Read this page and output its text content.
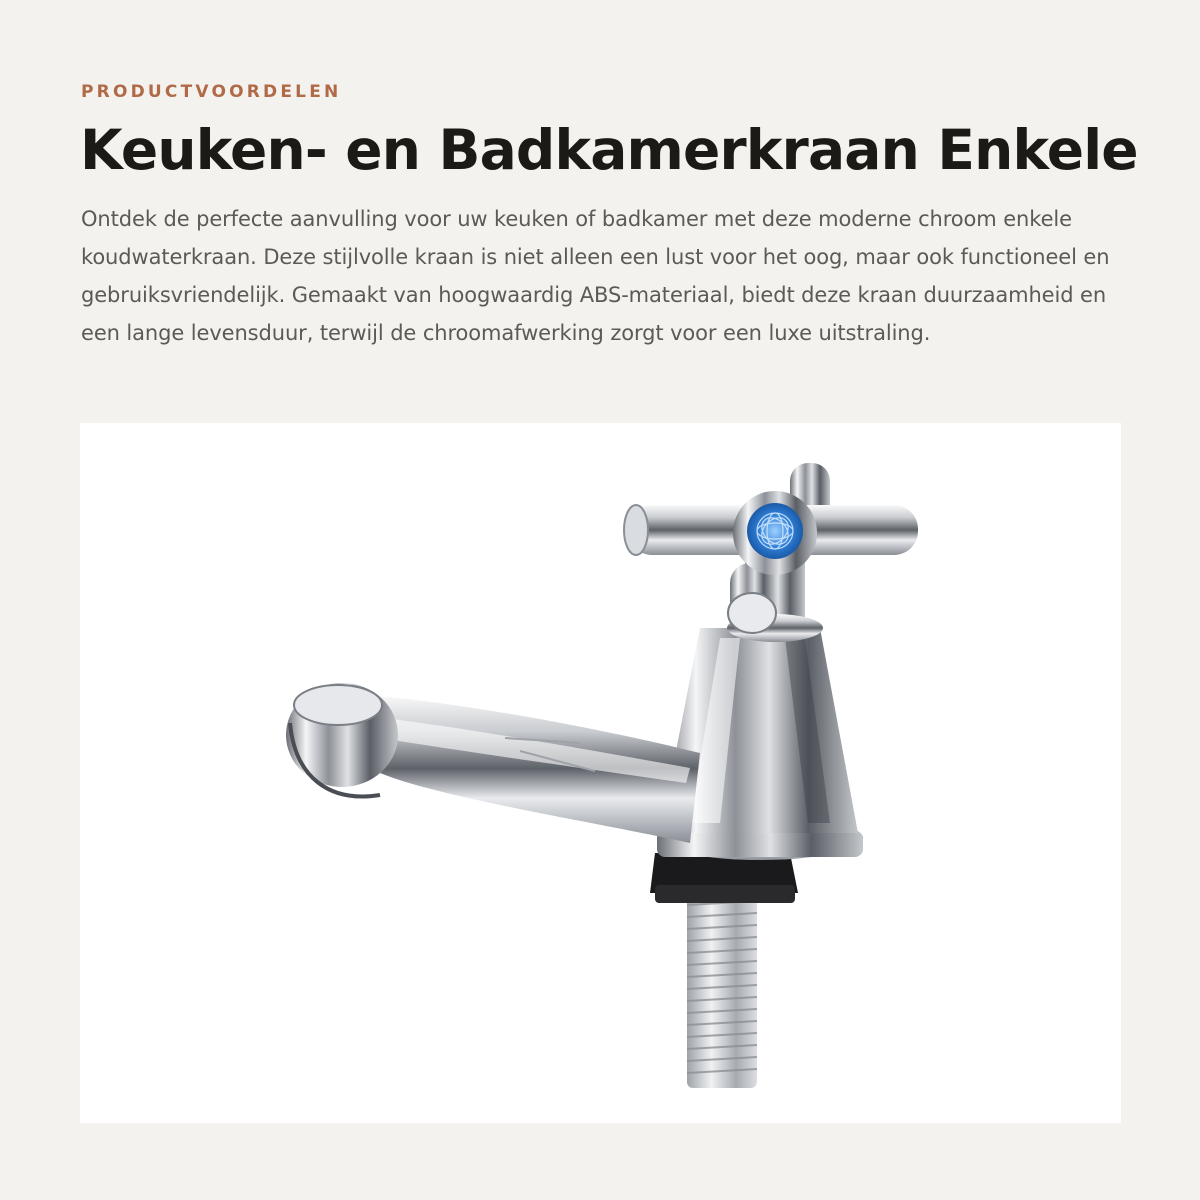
PRODUCTVOORDELEN

Keuken- en Badkamerkraan Enkele

Ontdek de perfecte aanvulling voor uw keuken of badkamer met deze moderne chroom enkele koudwaterkraan. Deze stijlvolle kraan is niet alleen een lust voor het oog, maar ook functioneel en gebruiksvriendelijk. Gemaakt van hoogwaardig ABS-materiaal, biedt deze kraan duurzaamheid en een lange levensduur, terwijl de chroomafwerking zorgt voor een luxe uitstraling.
